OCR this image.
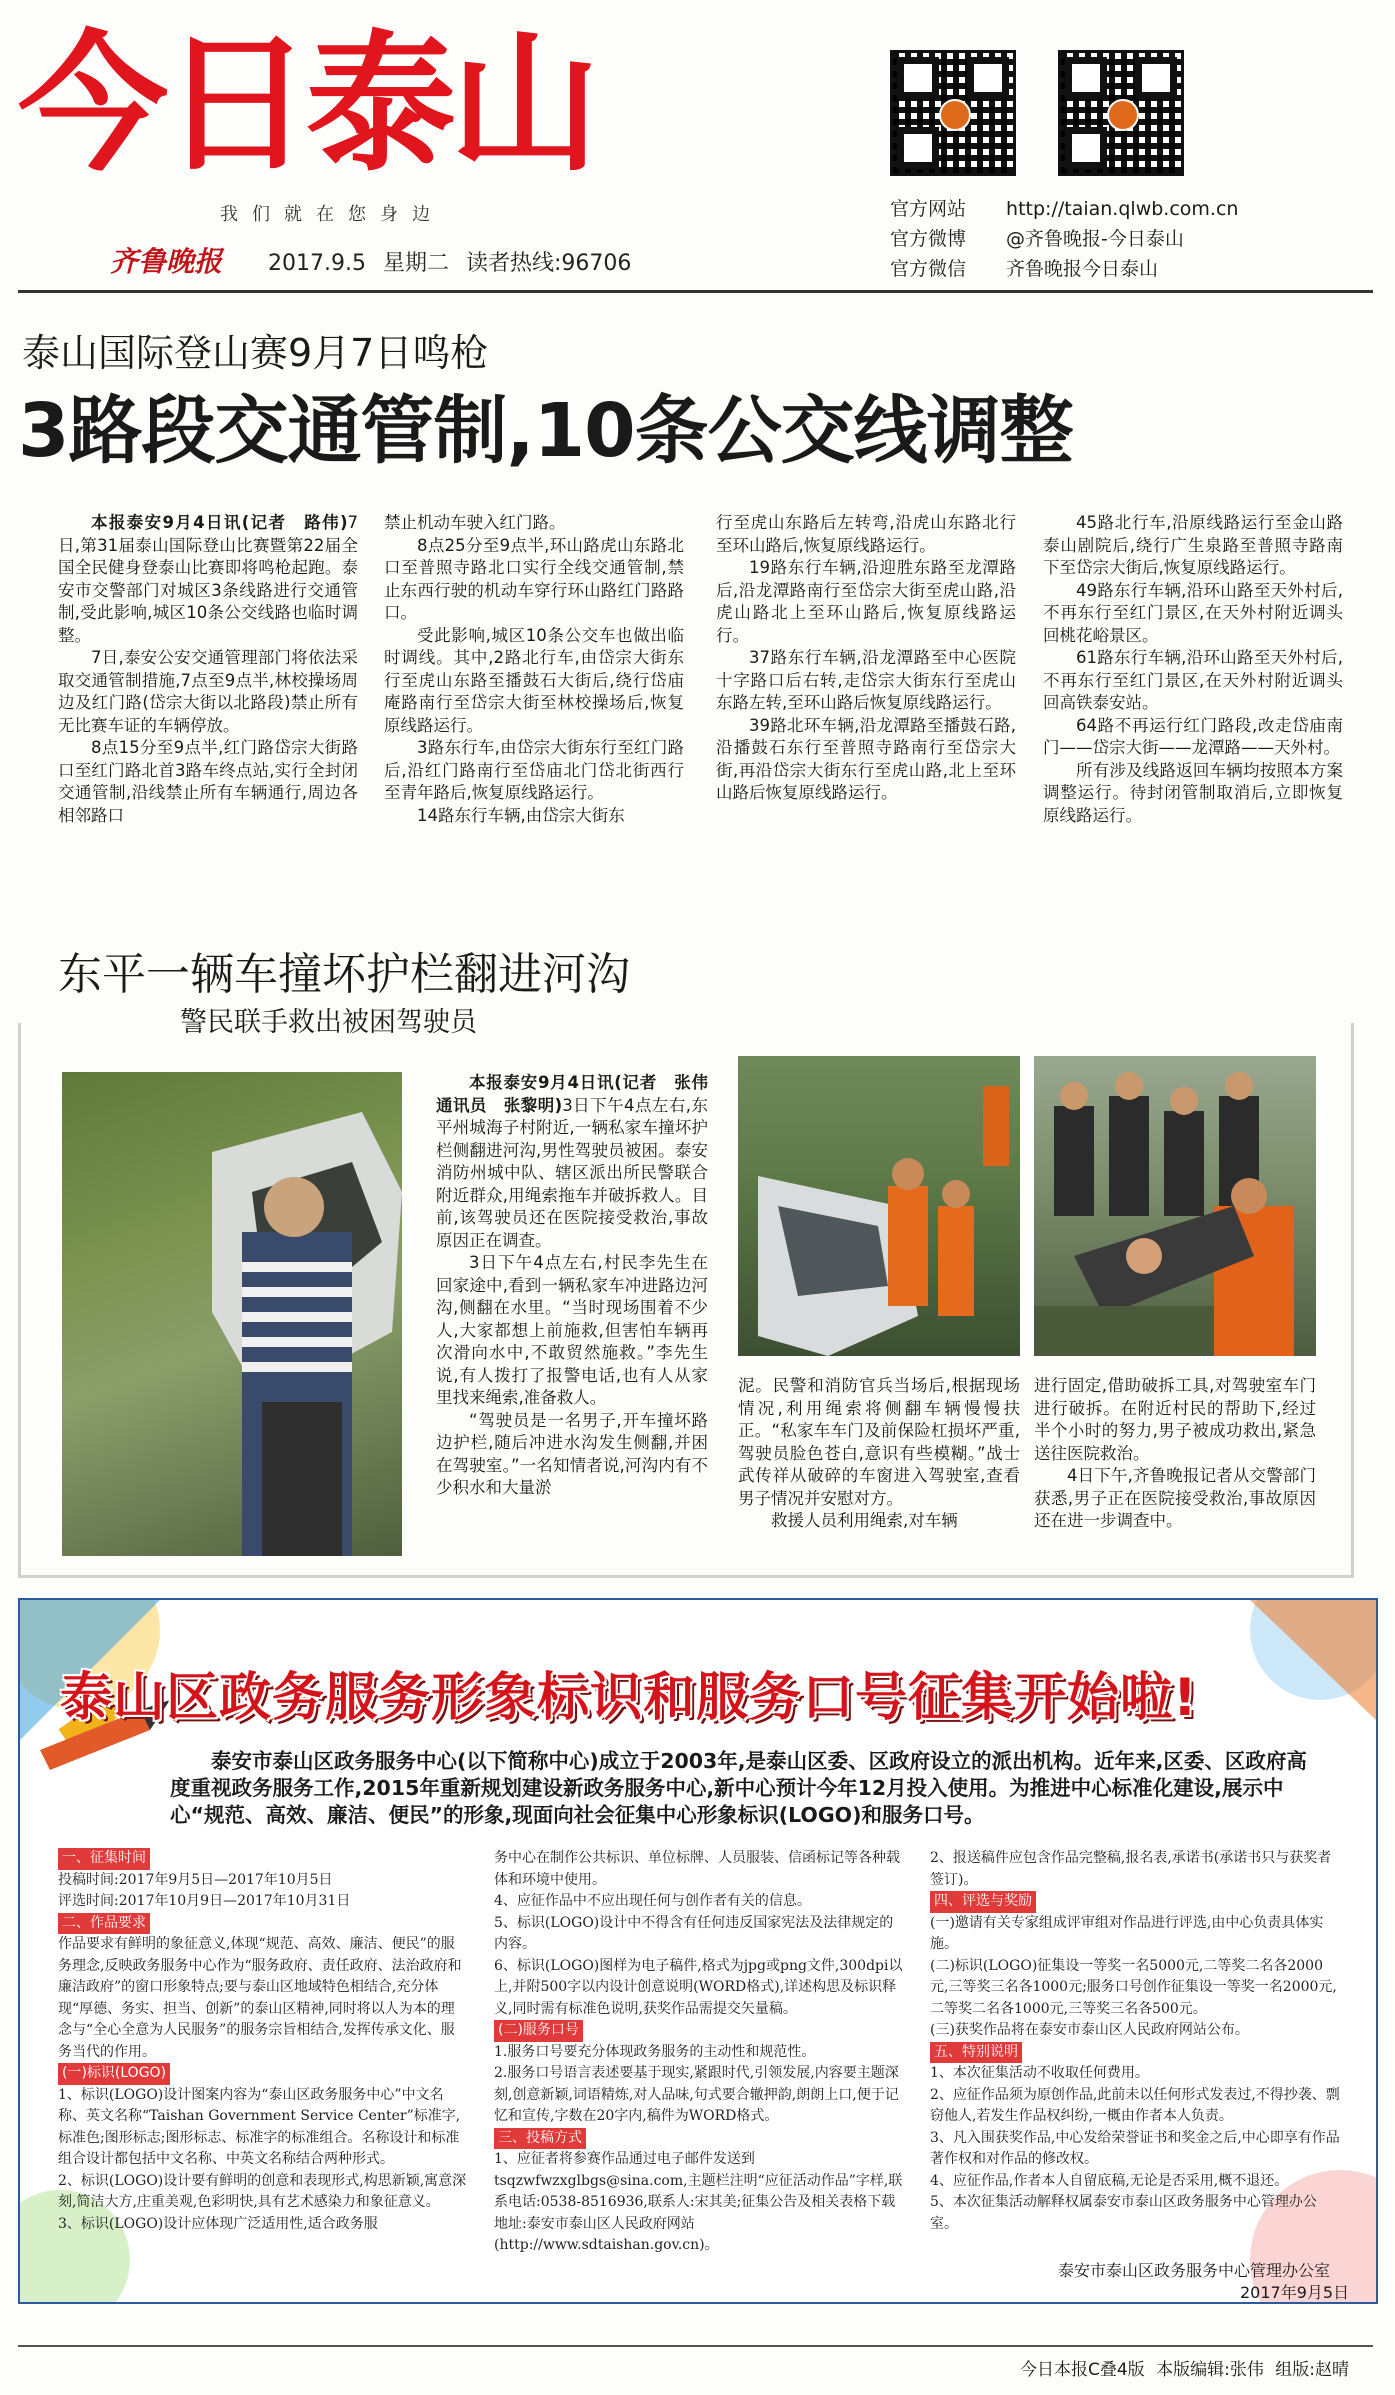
今日泰山
我们就在您身边
齐鲁晚报 2017.9.5 星期二 读者热线:96706
官方网站 http://taian.qlwb.com.cn
官方微博 @齐鲁晚报-今日泰山
官方微信 齐鲁晚报今日泰山
泰山国际登山赛9月7日鸣枪
3路段交通管制,10条公交线调整

本报泰安9月4日讯(记者　路伟)7日,第31届泰山国际登山比赛暨第22届全国全民健身登泰山比赛即将鸣枪起跑。泰安市交警部门对城区3条线路进行交通管制,受此影响,城区10条公交线路也临时调整。

7日,泰安公安交通管理部门将依法采取交通管制措施,7点至9点半,林校操场周边及红门路(岱宗大街以北路段)禁止所有无比赛车证的车辆停放。

8点15分至9点半,红门路岱宗大街路口至红门路北首3路车终点站,实行全封闭交通管制,沿线禁止所有车辆通行,周边各相邻路口

禁止机动车驶入红门路。

8点25分至9点半,环山路虎山东路北口至普照寺路北口实行全线交通管制,禁止东西行驶的机动车穿行环山路红门路路口。

受此影响,城区10条公交车也做出临时调线。其中,2路北行车,由岱宗大街东行至虎山东路至播鼓石大街后,绕行岱庙庵路南行至岱宗大街至林校操场后,恢复原线路运行。

3路东行车,由岱宗大街东行至红门路后,沿红门路南行至岱庙北门岱北街西行至青年路后,恢复原线路运行。

14路东行车辆,由岱宗大街东

行至虎山东路后左转弯,沿虎山东路北行至环山路后,恢复原线路运行。

19路东行车辆,沿迎胜东路至龙潭路后,沿龙潭路南行至岱宗大街至虎山路,沿虎山路北上至环山路后,恢复原线路运行。

37路东行车辆,沿龙潭路至中心医院十字路口后右转,走岱宗大街东行至虎山东路左转,至环山路后恢复原线路运行。

39路北环车辆,沿龙潭路至播鼓石路,沿播鼓石东行至普照寺路南行至岱宗大街,再沿岱宗大街东行至虎山路,北上至环山路后恢复原线路运行。

45路北行车,沿原线路运行至金山路泰山剧院后,绕行广生泉路至普照寺路南下至岱宗大街后,恢复原线路运行。

49路东行车辆,沿环山路至天外村后,不再东行至红门景区,在天外村附近调头回桃花峪景区。

61路东行车辆,沿环山路至天外村后,不再东行至红门景区,在天外村附近调头回高铁泰安站。

64路不再运行红门路段,改走岱庙南门——岱宗大街——龙潭路——天外村。

所有涉及线路返回车辆均按照本方案调整运行。待封闭管制取消后,立即恢复原线路运行。

东平一辆车撞坏护栏翻进河沟
警民联手救出被困驾驶员

本报泰安9月4日讯(记者　张伟　通讯员　张黎明)3日下午4点左右,东平州城海子村附近,一辆私家车撞坏护栏侧翻进河沟,男性驾驶员被困。泰安消防州城中队、辖区派出所民警联合附近群众,用绳索拖车并破拆救人。目前,该驾驶员还在医院接受救治,事故原因正在调查。

3日下午4点左右,村民李先生在回家途中,看到一辆私家车冲进路边河沟,侧翻在水里。“当时现场围着不少人,大家都想上前施救,但害怕车辆再次滑向水中,不敢贸然施救。”李先生说,有人拨打了报警电话,也有人从家里找来绳索,准备救人。

“驾驶员是一名男子,开车撞坏路边护栏,随后冲进水沟发生侧翻,并困在驾驶室。”一名知情者说,河沟内有不少积水和大量淤

泥。民警和消防官兵当场后,根据现场情况,利用绳索将侧翻车辆慢慢扶正。“私家车车门及前保险杠损坏严重,驾驶员脸色苍白,意识有些模糊。”战士武传祥从破碎的车窗进入驾驶室,查看男子情况并安慰对方。

救援人员利用绳索,对车辆

进行固定,借助破拆工具,对驾驶室车门进行破拆。在附近村民的帮助下,经过半个小时的努力,男子被成功救出,紧急送往医院救治。

4日下午,齐鲁晚报记者从交警部门获悉,男子正在医院接受救治,事故原因还在进一步调查中。

泰山区政务服务形象标识和服务口号征集开始啦!
泰安市泰山区政务服务中心(以下简称中心)成立于2003年,是泰山区委、区政府设立的派出机构。近年来,区委、区政府高度重视政务服务工作,2015年重新规划建设新政务服务中心,新中心预计今年12月投入使用。为推进中心标准化建设,展示中心“规范、高效、廉洁、便民”的形象,现面向社会征集中心形象标识(LOGO)和服务口号。

一、征集时间

投稿时间:2017年9月5日—2017年10月5日

评选时间:2017年10月9日—2017年10月31日

二、作品要求

作品要求有鲜明的象征意义,体现“规范、高效、廉洁、便民”的服务理念,反映政务服务中心作为“服务政府、责任政府、法治政府和廉洁政府”的窗口形象特点;要与泰山区地域特色相结合,充分体现“厚德、务实、担当、创新”的泰山区精神,同时将以人为本的理念与“全心全意为人民服务”的服务宗旨相结合,发挥传承文化、服务当代的作用。

(一)标识(LOGO)

1、标识(LOGO)设计图案内容为“泰山区政务服务中心”中文名称、英文名称“Taishan Government Service Center”标准字,标准色;图形标志;图形标志、标准字的标准组合。名称设计和标准组合设计都包括中文名称、中英文名称结合两种形式。

2、标识(LOGO)设计要有鲜明的创意和表现形式,构思新颖,寓意深刻,简洁大方,庄重美观,色彩明快,具有艺术感染力和象征意义。

3、标识(LOGO)设计应体现广泛适用性,适合政务服

务中心在制作公共标识、单位标牌、人员服装、信函标记等各种载体和环境中使用。

4、应征作品中不应出现任何与创作者有关的信息。

5、标识(LOGO)设计中不得含有任何违反国家宪法及法律规定的内容。

6、标识(LOGO)图样为电子稿件,格式为jpg或png文件,300dpi以上,并附500字以内设计创意说明(WORD格式),详述构思及标识释义,同时需有标准色说明,获奖作品需提交矢量稿。

(二)服务口号

1.服务口号要充分体现政务服务的主动性和规范性。

2.服务口号语言表述要基于现实,紧跟时代,引领发展,内容要主题深刻,创意新颖,词语精炼,对人品味,句式要合辙押韵,朗朗上口,便于记忆和宣传,字数在20字内,稿件为WORD格式。

三、投稿方式

1、应征者将参赛作品通过电子邮件发送到tsqzwfwzxglbgs@sina.com,主题栏注明“应征活动作品”字样,联系电话:0538-8516936,联系人:宋其美;征集公告及相关表格下载地址:泰安市泰山区人民政府网站(http://www.sdtaishan.gov.cn)。

2、报送稿件应包含作品完整稿,报名表,承诺书(承诺书只与获奖者签订)。

四、评选与奖励

(一)邀请有关专家组成评审组对作品进行评选,由中心负责具体实施。

(二)标识(LOGO)征集设一等奖一名5000元,二等奖二名各2000元,三等奖三名各1000元;服务口号创作征集设一等奖一名2000元,二等奖二名各1000元,三等奖三名各500元。

(三)获奖作品将在泰安市泰山区人民政府网站公布。

五、特别说明

1、本次征集活动不收取任何费用。

2、应征作品须为原创作品,此前未以任何形式发表过,不得抄袭、剽窃他人,若发生作品权纠纷,一概由作者本人负责。

3、凡入围获奖作品,中心发给荣誉证书和奖金之后,中心即享有作品著作权和对作品的修改权。

4、应征作品,作者本人自留底稿,无论是否采用,概不退还。

5、本次征集活动解释权属泰安市泰山区政务服务中心管理办公室。

泰安市泰山区政务服务中心管理办公室
2017年9月5日
今日本报C叠4版 本版编辑:张伟 组版:赵晴
